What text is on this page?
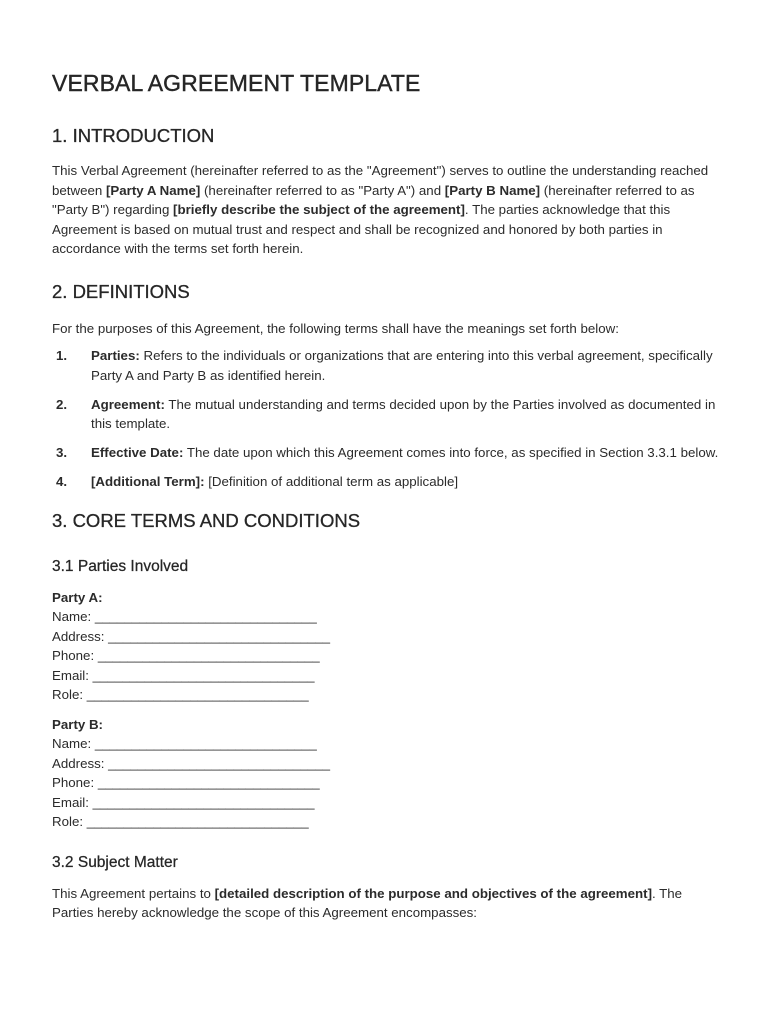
VERBAL AGREEMENT TEMPLATE
1. INTRODUCTION

This Verbal Agreement (hereinafter referred to as the "Agreement") serves to outline the understanding reached between [Party A Name] (hereinafter referred to as "Party A") and [Party B Name] (hereinafter referred to as "Party B") regarding [briefly describe the subject of the agreement]. The parties acknowledge that this Agreement is based on mutual trust and respect and shall be recognized and honored by both parties in accordance with the terms set forth herein.

2. DEFINITIONS

For the purposes of this Agreement, the following terms shall have the meanings set forth below:

1.	Parties: Refers to the individuals or organizations that are entering into this verbal agreement, specifically Party A and Party B as identified herein.
2.	Agreement: The mutual understanding and terms decided upon by the Parties involved as documented in this template.
3.	Effective Date: The date upon which this Agreement comes into force, as specified in Section 3.3.1 below.
4.	[Additional Term]: [Definition of additional term as applicable]
3. CORE TERMS AND CONDITIONS
3.1 Parties Involved
Party A:
Name: ______________________________
Address: ______________________________
Phone: ______________________________
Email: ______________________________
Role: ______________________________
Party B:
Name: ______________________________
Address: ______________________________
Phone: ______________________________
Email: ______________________________
Role: ______________________________
3.2 Subject Matter

This Agreement pertains to [detailed description of the purpose and objectives of the agreement]. The Parties hereby acknowledge the scope of this Agreement encompasses:
